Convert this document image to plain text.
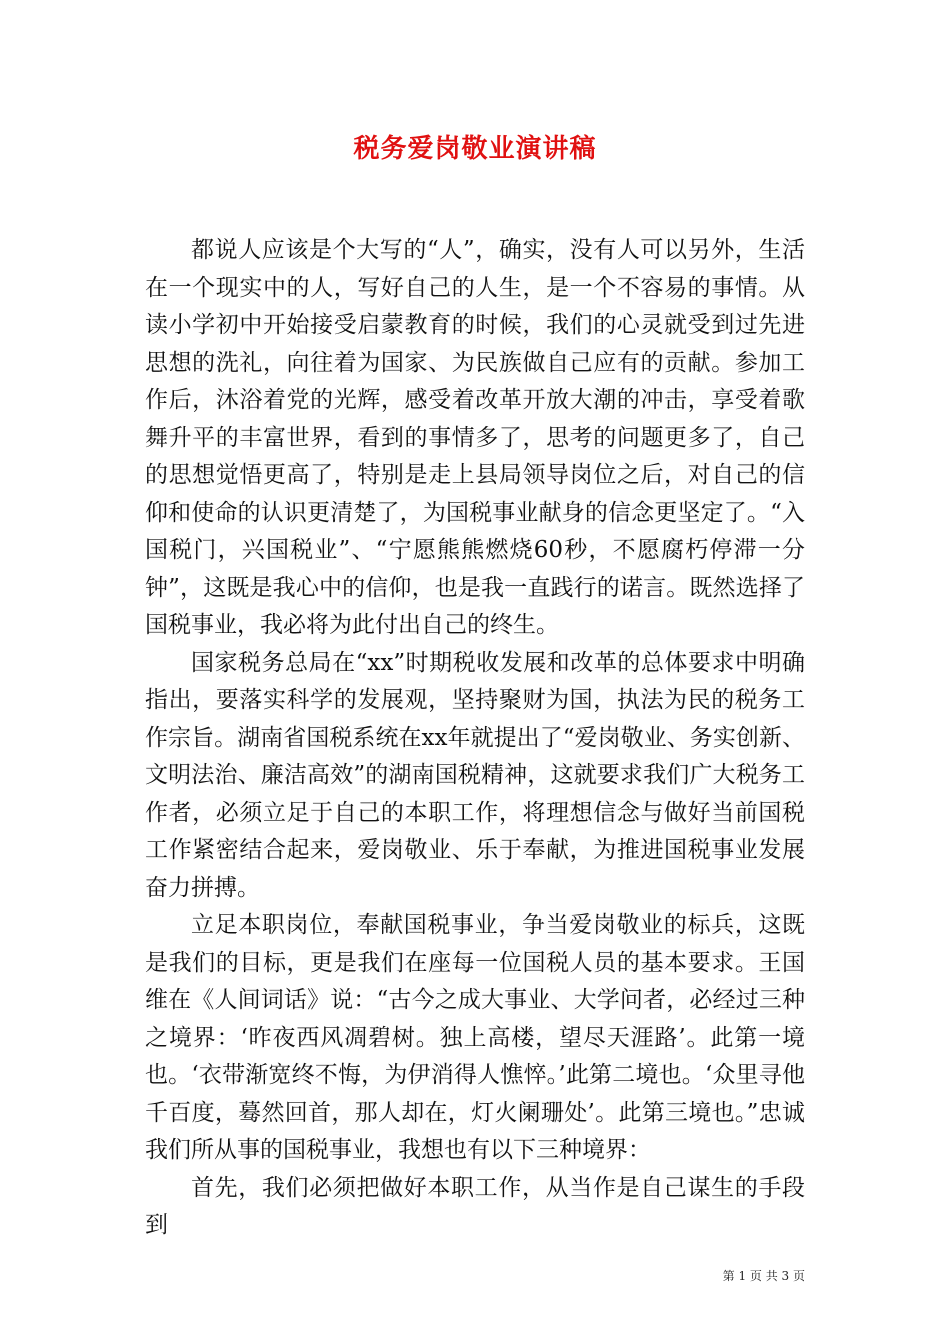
税务爱岗敬业演讲稿

都说人应该是个大写的“人”，确实，没有人可以另外，生活在一个现实中的人，写好自己的人生，是一个不容易的事情。从读小学初中开始接受启蒙教育的时候，我们的心灵就受到过先进思想的洗礼，向往着为国家、为民族做自己应有的贡献。参加工作后，沐浴着党的光辉，感受着改革开放大潮的冲击，享受着歌舞升平的丰富世界，看到的事情多了，思考的问题更多了，自己的思想觉悟更高了，特别是走上县局领导岗位之后，对自己的信仰和使命的认识更清楚了，为国税事业献身的信念更坚定了。“入国税门，兴国税业”、“宁愿熊熊燃烧60秒，不愿腐朽停滞一分钟”，这既是我心中的信仰，也是我一直践行的诺言。既然选择了国税事业，我必将为此付出自己的终生。

国家税务总局在“xx”时期税收发展和改革的总体要求中明确指出，要落实科学的发展观，坚持聚财为国，执法为民的税务工作宗旨。湖南省国税系统在xx年就提出了“爱岗敬业、务实创新、文明法治、廉洁高效”的湖南国税精神，这就要求我们广大税务工作者，必须立足于自己的本职工作，将理想信念与做好当前国税工作紧密结合起来，爱岗敬业、乐于奉献，为推进国税事业发展奋力拼搏。

立足本职岗位，奉献国税事业，争当爱岗敬业的标兵，这既是我们的目标，更是我们在座每一位国税人员的基本要求。王国维在《人间词话》说：“古今之成大事业、大学问者，必经过三种之境界：‘昨夜西风凋碧树。独上高楼，望尽天涯路’。此第一境也。‘衣带渐宽终不悔，为伊消得人憔悴。’此第二境也。‘众里寻他千百度，蓦然回首，那人却在，灯火阑珊处’。此第三境也。”忠诚我们所从事的国税事业，我想也有以下三种境界：

首先，我们必须把做好本职工作，从当作是自己谋生的手段到

第 1 页 共 3 页
